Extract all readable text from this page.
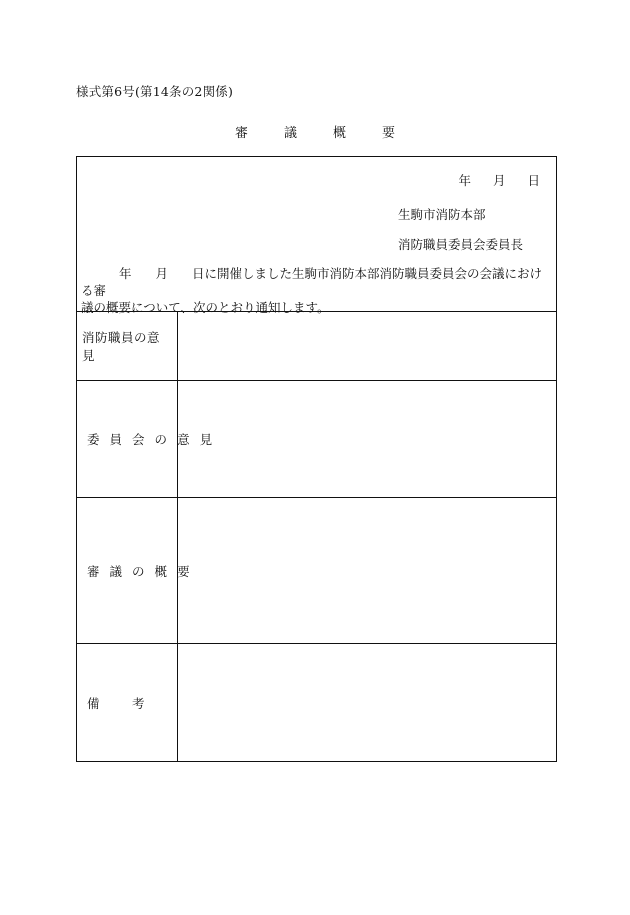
様式第6号(第14条の2関係)
審	議	概	要
年 月 日
生駒市消防本部
消防職員委員会委員長
年 月 日に開催しました生駒市消防本部消防職員委員会の会議における審
議の概要について、次のとおり通知します。
消防職員の意見
委 員 会 の 意 見
審 議 の 概 要
備	考
